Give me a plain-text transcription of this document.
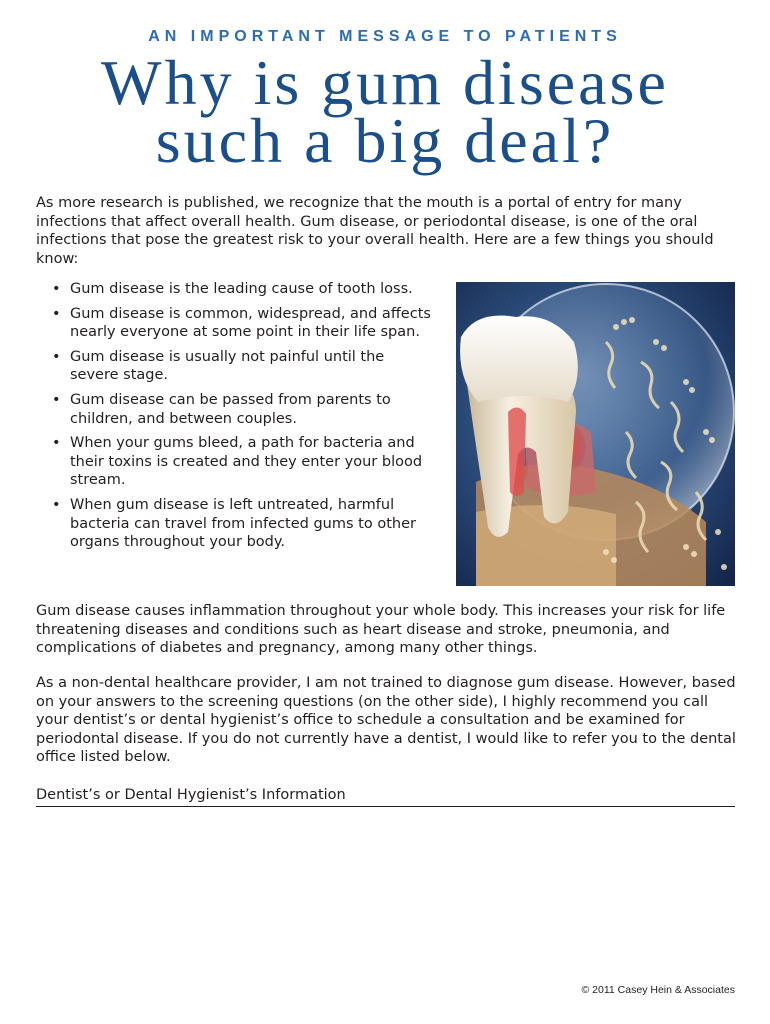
AN IMPORTANT MESSAGE TO PATIENTS
Why is gum disease
such a big deal?

As more research is published, we recognize that the mouth is a portal of entry for many infections that affect overall health. Gum disease, or periodontal disease, is one of the oral infections that pose the greatest risk to your overall health. Here are a few things you should know:

• Gum disease is the leading cause of tooth loss.
• Gum disease is common, widespread, and affects nearly everyone at some point in their life span.
• Gum disease is usually not painful until the severe stage.
• Gum disease can be passed from parents to children, and between couples.
• When your gums bleed, a path for bacteria and their toxins is created and they enter your blood stream.
• When gum disease is left untreated, harmful bacteria can travel from infected gums to other organs throughout your body.

Gum disease causes inflammation throughout your whole body. This increases your risk for life threatening diseases and conditions such as heart disease and stroke, pneumonia, and complications of diabetes and pregnancy, among many other things.

As a non-dental healthcare provider, I am not trained to diagnose gum disease. However, based on your answers to the screening questions (on the other side), I highly recommend you call your dentist’s or dental hygienist’s office to schedule a consultation and be examined for periodontal disease. If you do not currently have a dentist, I would like to refer you to the dental office listed below.

Dentist’s or Dental Hygienist’s Information
© 2011 Casey Hein & Associates
